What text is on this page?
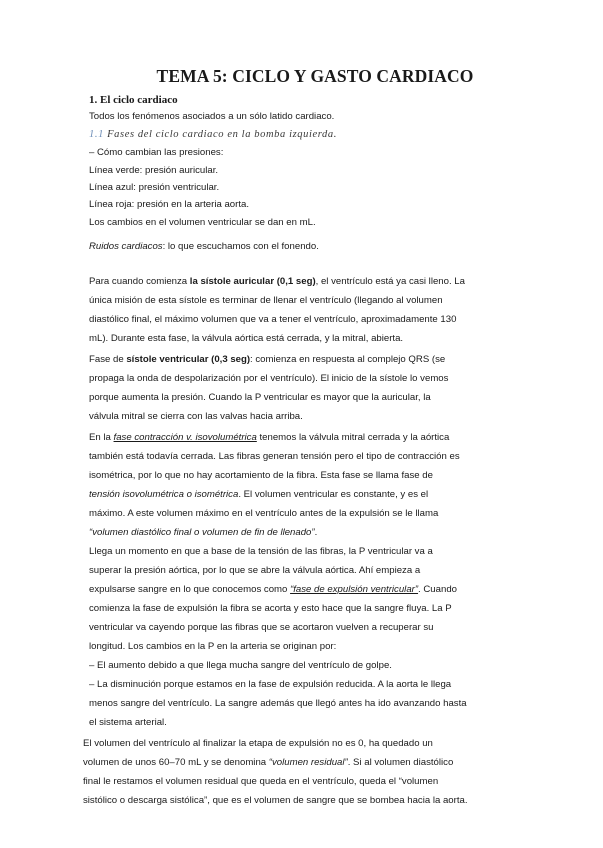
TEMA 5: CICLO Y GASTO CARDIACO
1. El ciclo cardiaco
Todos los fenómenos asociados a un sólo latido cardiaco.
1.1 Fases del ciclo cardiaco en la bomba izquierda.
– Cómo cambian las presiones:
Línea verde: presión auricular.
Línea azul: presión ventricular.
Línea roja: presión en la arteria aorta.
Los cambios en el volumen ventricular se dan en mL.
Ruidos cardiacos: lo que escuchamos con el fonendo.
Para cuando comienza la sístole auricular (0,1 seg), el ventrículo está ya casi lleno. La
única misión de esta sístole es terminar de llenar el ventrículo (llegando al volumen
diastólico final, el máximo volumen que va a tener el ventrículo, aproximadamente 130
mL). Durante esta fase, la válvula aórtica está cerrada, y la mitral, abierta.
Fase de sístole ventricular (0,3 seg): comienza en respuesta al complejo QRS (se
propaga la onda de despolarización por el ventrículo). El inicio de la sístole lo vemos
porque aumenta la presión. Cuando la P ventricular es mayor que la auricular, la
válvula mitral se cierra con las valvas hacia arriba.
En la fase contracción v. isovolumétrica tenemos la válvula mitral cerrada y la aórtica
también está todavía cerrada. Las fibras generan tensión pero el tipo de contracción es
isométrica, por lo que no hay acortamiento de la fibra. Esta fase se llama fase de
tensión isovolumétrica o isométrica. El volumen ventricular es constante, y es el
máximo. A este volumen máximo en el ventrículo antes de la expulsión se le llama
“volumen diastólico final o volumen de fin de llenado”.
Llega un momento en que a base de la tensión de las fibras, la P ventricular va a
superar la presión aórtica, por lo que se abre la válvula aórtica. Ahí empieza a
expulsarse sangre en lo que conocemos como “fase de expulsión ventricular”. Cuando
comienza la fase de expulsión la fibra se acorta y esto hace que la sangre fluya. La P
ventricular va cayendo porque las fibras que se acortaron vuelven a recuperar su
longitud. Los cambios en la P en la arteria se originan por:
– El aumento debido a que llega mucha sangre del ventrículo de golpe.
– La disminución porque estamos en la fase de expulsión reducida. A la aorta le llega
menos sangre del ventrículo. La sangre además que llegó antes ha ido avanzando hasta
el sistema arterial.
El volumen del ventrículo al finalizar la etapa de expulsión no es 0, ha quedado un
volumen de unos 60–70 mL y se denomina “volumen residual”. Si al volumen diastólico
final le restamos el volumen residual que queda en el ventrículo, queda el “volumen
sistólico o descarga sistólica”, que es el volumen de sangre que se bombea hacia la aorta.
